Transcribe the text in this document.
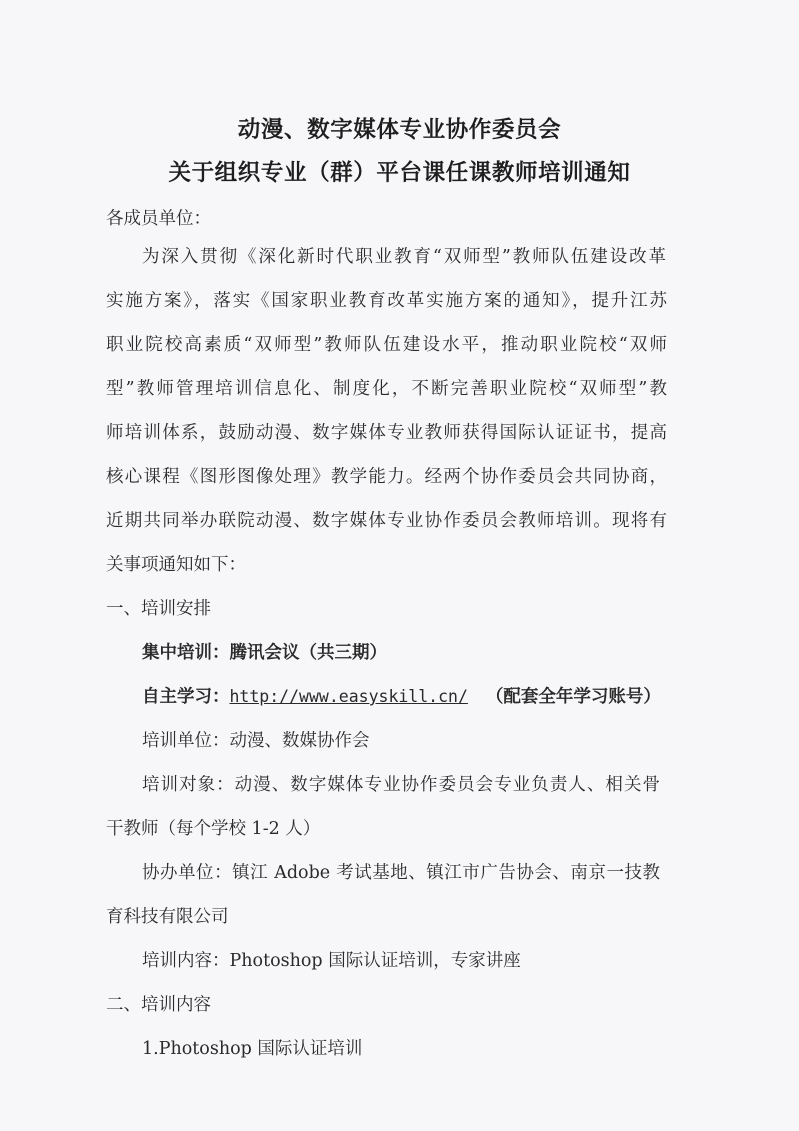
动漫、数字媒体专业协作委员会
关于组织专业（群）平台课任课教师培训通知
各成员单位：
为深入贯彻《深化新时代职业教育“双师型”教师队伍建设改革
实施方案》，落实《国家职业教育改革实施方案的通知》，提升江苏
职业院校高素质“双师型”教师队伍建设水平，推动职业院校“双师
型”教师管理培训信息化、制度化，不断完善职业院校“双师型”教
师培训体系，鼓励动漫、数字媒体专业教师获得国际认证证书，提高
核心课程《图形图像处理》教学能力。经两个协作委员会共同协商，
近期共同举办联院动漫、数字媒体专业协作委员会教师培训。现将有
关事项通知如下：
一、培训安排
集中培训：腾讯会议（共三期）
自主学习：http://www.easyskill.cn/ （配套全年学习账号）
培训单位：动漫、数媒协作会
培训对象：动漫、数字媒体专业协作委员会专业负责人、相关骨
干教师（每个学校 1-2 人）
协办单位：镇江 Adobe 考试基地、镇江市广告协会、南京一技教
育科技有限公司
培训内容：Photoshop 国际认证培训，专家讲座
二、培训内容
1.Photoshop 国际认证培训
